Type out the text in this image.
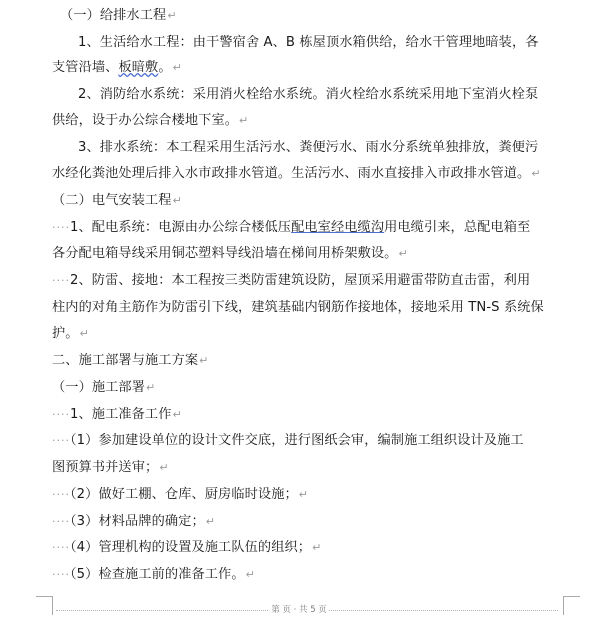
（一）给排水工程↵
1、生活给水工程：由干警宿舍 A、B 栋屋顶水箱供给，给水干管理地暗装，各
支管沿墙、板暗敷。↵
2、消防给水系统：采用消火栓给水系统。消火栓给水系统采用地下室消火栓泵
供给，设于办公综合楼地下室。↵
3、排水系统：本工程采用生活污水、粪便污水、雨水分系统单独排放，粪便污
水经化粪池处理后排入水市政排水管道。生活污水、雨水直接排入市政排水管道。↵
（二）电气安装工程↵
····1、配电系统：电源由办公综合楼低压配电室经电缆沟用电缆引来，总配电箱至
各分配电箱导线采用铜芯塑料导线沿墙在梯间用桥架敷设。↵
····2、防雷、接地：本工程按三类防雷建筑设防，屋顶采用避雷带防直击雷，利用
柱内的对角主筋作为防雷引下线，建筑基础内钢筋作接地体，接地采用 TN-S 系统保
护。↵
二、施工部署与施工方案↵
（一）施工部署↵
····1、施工准备工作↵
····（1）参加建设单位的设计文件交底，进行图纸会审，编制施工组织设计及施工
图预算书并送审；↵
····（2）做好工棚、仓库、厨房临时设施；↵
····（3）材料品牌的确定；↵
····（4）管理机构的设置及施工队伍的组织；↵
····（5）检查施工前的准备工作。↵
第 页 · 共 5 页
